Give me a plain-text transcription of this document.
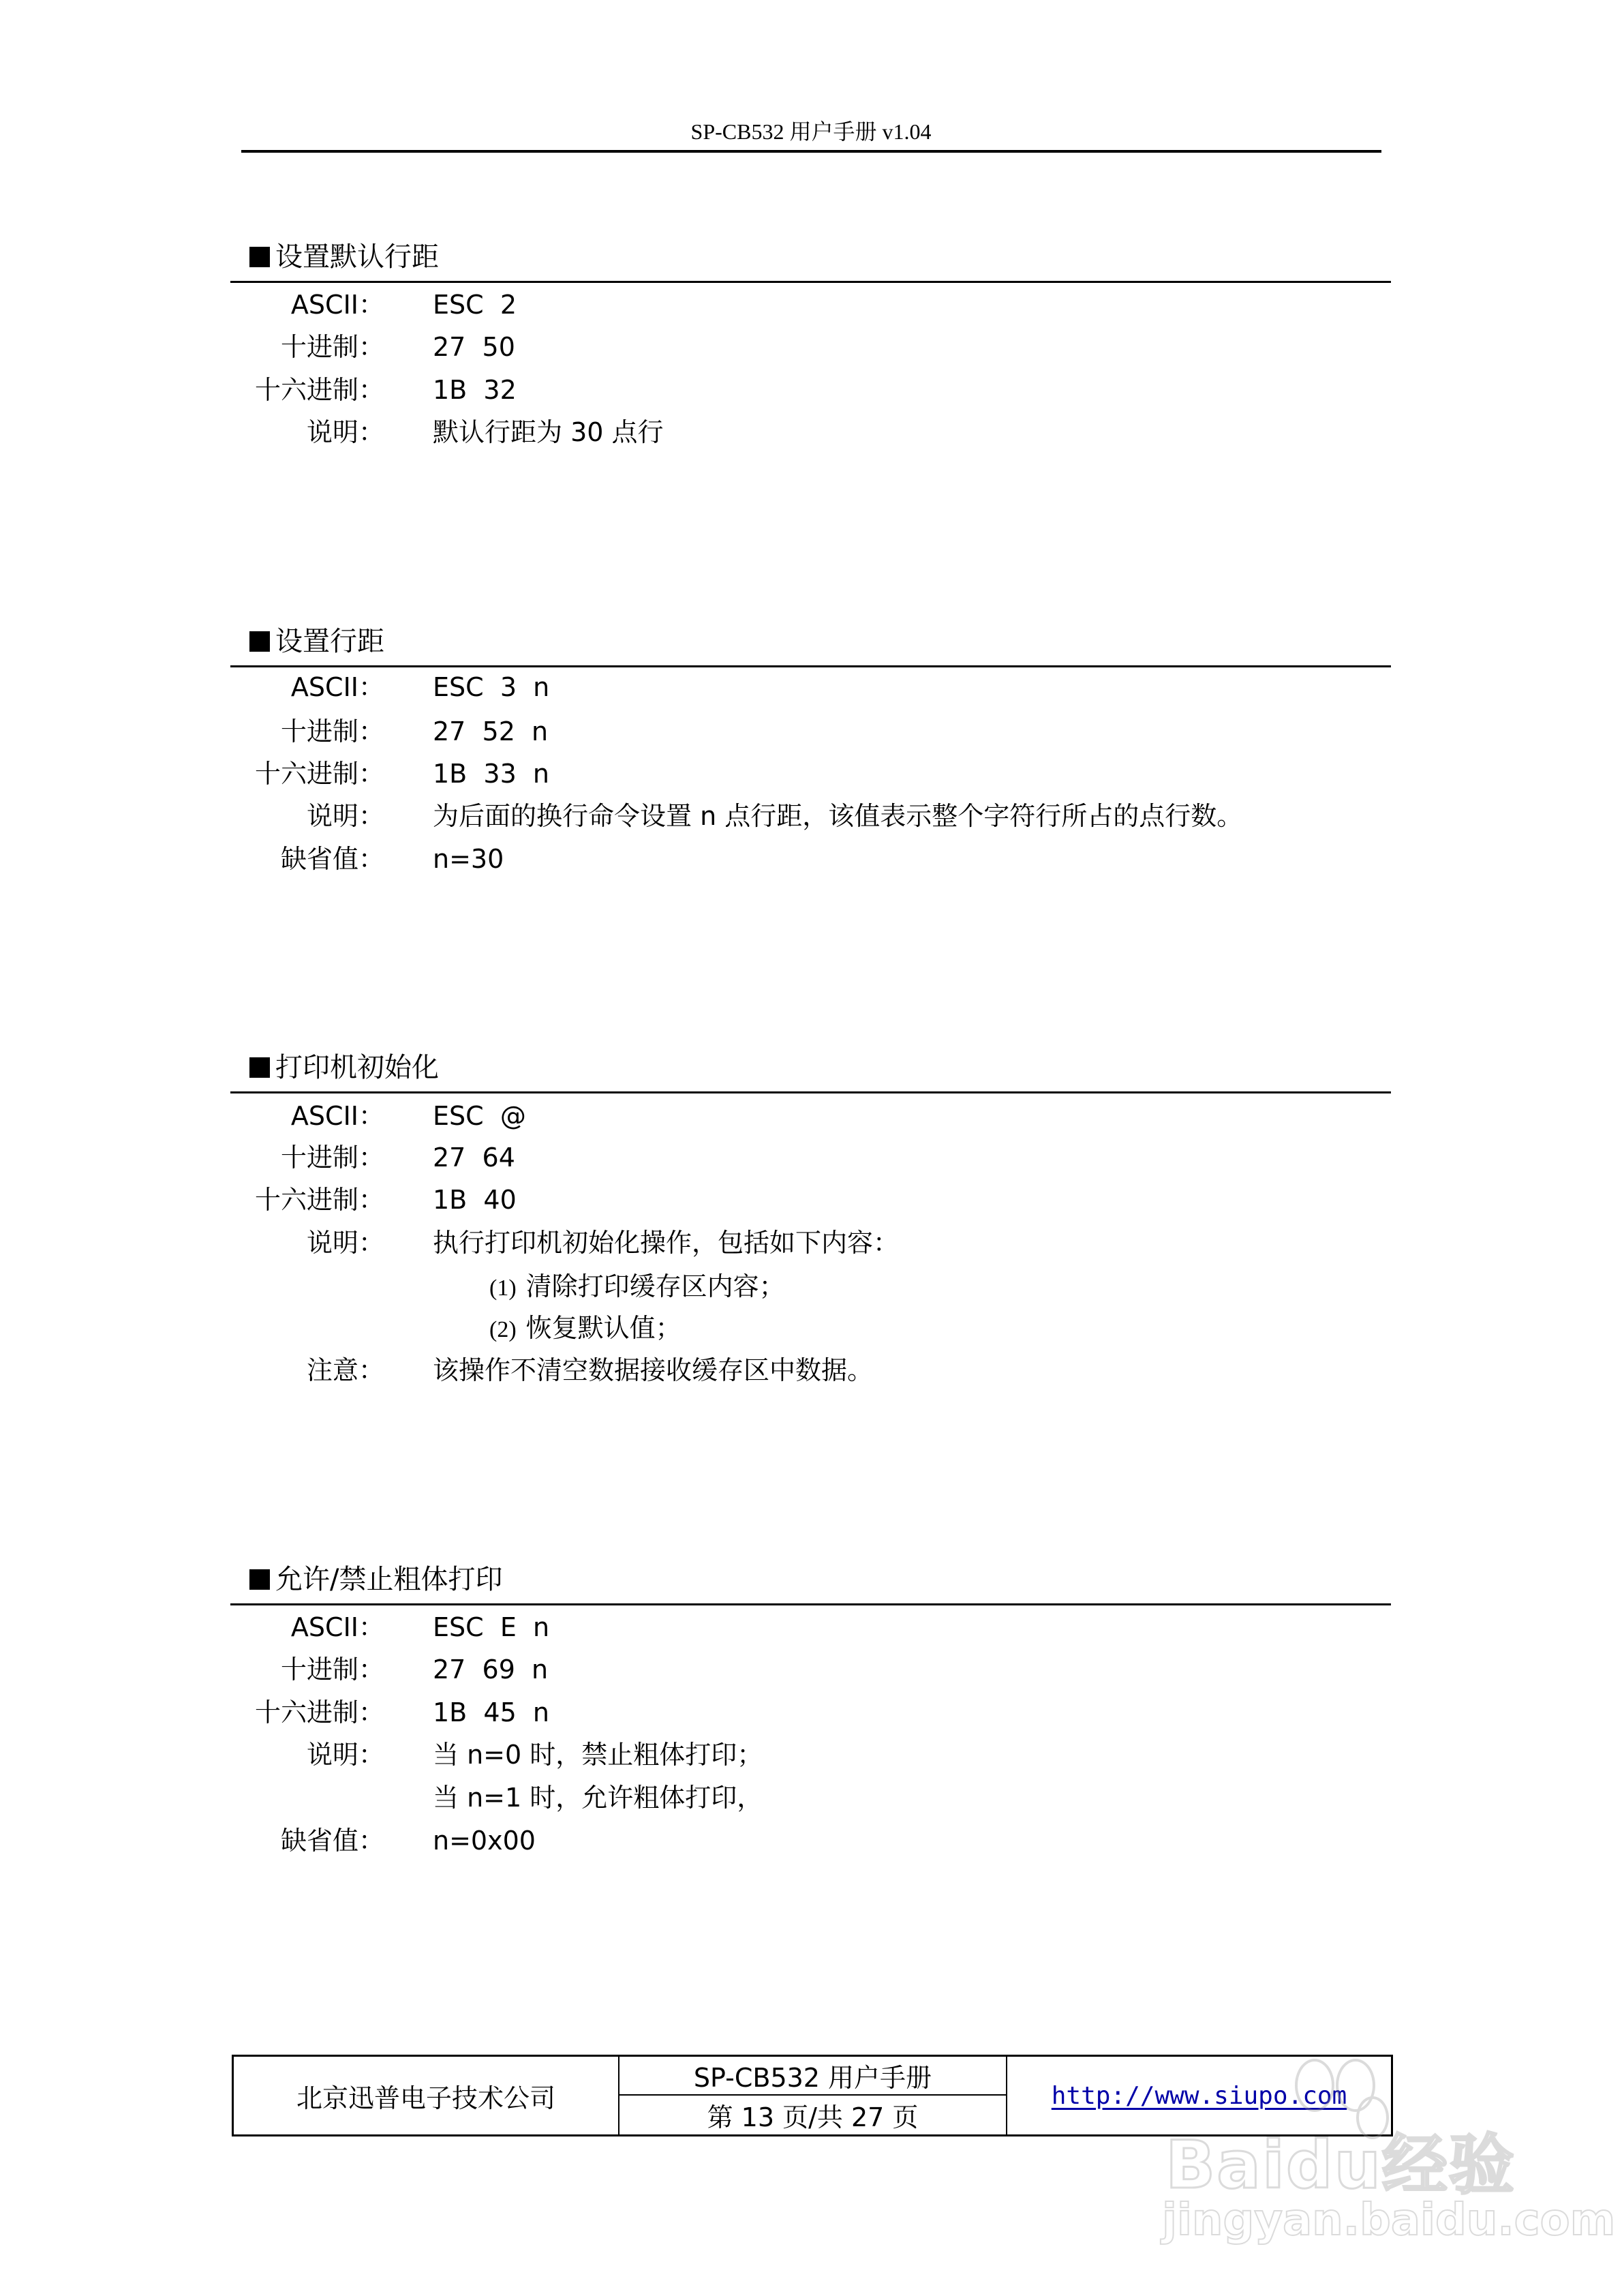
SP-CB532 用户手册 v1.04
设置默认行距
ASCII： ESC  2
十进制： 27  50
十六进制： 1B  32
说明： 默认行距为 30 点行
设置行距
ASCII： ESC  3  n
十进制： 27  52  n
十六进制： 1B  33  n
说明： 为后面的换行命令设置 n 点行距，该值表示整个字符行所占的点行数。
缺省值： n=30
打印机初始化
ASCII： ESC  @
十进制： 27  64
十六进制： 1B  40
说明： 执行打印机初始化操作，包括如下内容：
(1) 清除打印缓存区内容；
(2) 恢复默认值；
注意： 该操作不清空数据接收缓存区中数据。
允许/禁止粗体打印
ASCII： ESC  E  n
十进制： 27  69  n
十六进制： 1B  45  n
说明： 当 n=0 时，禁止粗体打印；
当 n=1 时，允许粗体打印，
缺省值： n=0x00
北京迅普电子技术公司
SP-CB532 用户手册
第 13 页/共 27 页
http://www.siupo.com
Baidu经验
jingyan.baidu.com
